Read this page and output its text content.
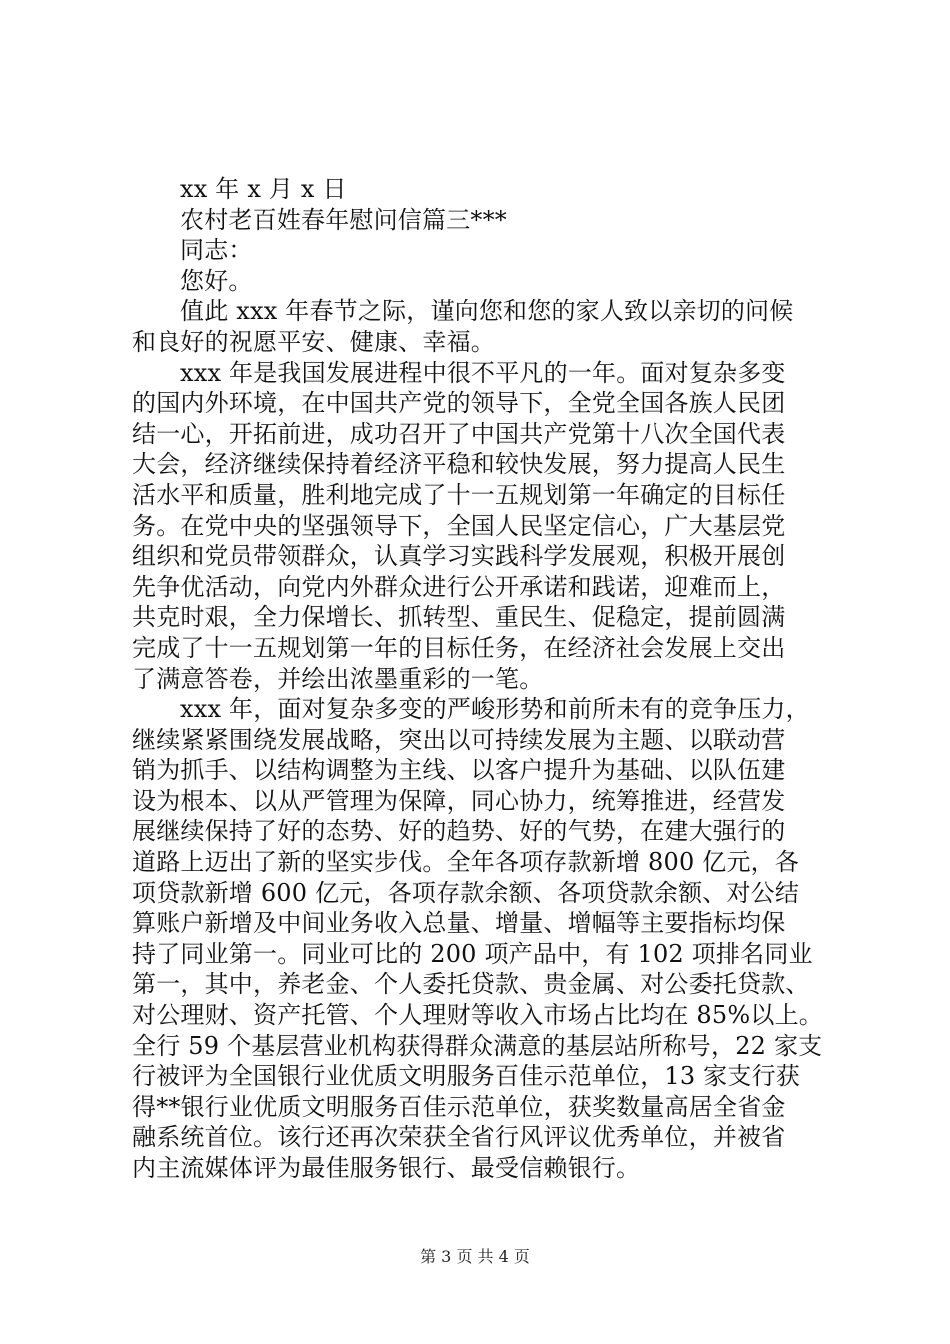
xx 年 x 月 x 日
农村老百姓春年慰问信篇三***
同志：
您好。
值此 xxx 年春节之际，谨向您和您的家人致以亲切的问候
和良好的祝愿平安、健康、幸福。
xxx 年是我国发展进程中很不平凡的一年。面对复杂多变
的国内外环境，在中国共产党的领导下，全党全国各族人民团
结一心，开拓前进，成功召开了中国共产党第十八次全国代表
大会，经济继续保持着经济平稳和较快发展，努力提高人民生
活水平和质量，胜利地完成了十一五规划第一年确定的目标任
务。在党中央的坚强领导下，全国人民坚定信心，广大基层党
组织和党员带领群众，认真学习实践科学发展观，积极开展创
先争优活动，向党内外群众进行公开承诺和践诺，迎难而上，
共克时艰，全力保增长、抓转型、重民生、促稳定，提前圆满
完成了十一五规划第一年的目标任务，在经济社会发展上交出
了满意答卷，并绘出浓墨重彩的一笔。
xxx 年，面对复杂多变的严峻形势和前所未有的竞争压力，
继续紧紧围绕发展战略，突出以可持续发展为主题、以联动营
销为抓手、以结构调整为主线、以客户提升为基础、以队伍建
设为根本、以从严管理为保障，同心协力，统筹推进，经营发
展继续保持了好的态势、好的趋势、好的气势，在建大强行的
道路上迈出了新的坚实步伐。全年各项存款新增 800 亿元，各
项贷款新增 600 亿元，各项存款余额、各项贷款余额、对公结
算账户新增及中间业务收入总量、增量、增幅等主要指标均保
持了同业第一。同业可比的 200 项产品中，有 102 项排名同业
第一，其中，养老金、个人委托贷款、贵金属、对公委托贷款、
对公理财、资产托管、个人理财等收入市场占比均在 85%以上。
全行 59 个基层营业机构获得群众满意的基层站所称号，22 家支
行被评为全国银行业优质文明服务百佳示范单位，13 家支行获
得**银行业优质文明服务百佳示范单位，获奖数量高居全省金
融系统首位。该行还再次荣获全省行风评议优秀单位，并被省
内主流媒体评为最佳服务银行、最受信赖银行。
第 3 页 共 4 页
